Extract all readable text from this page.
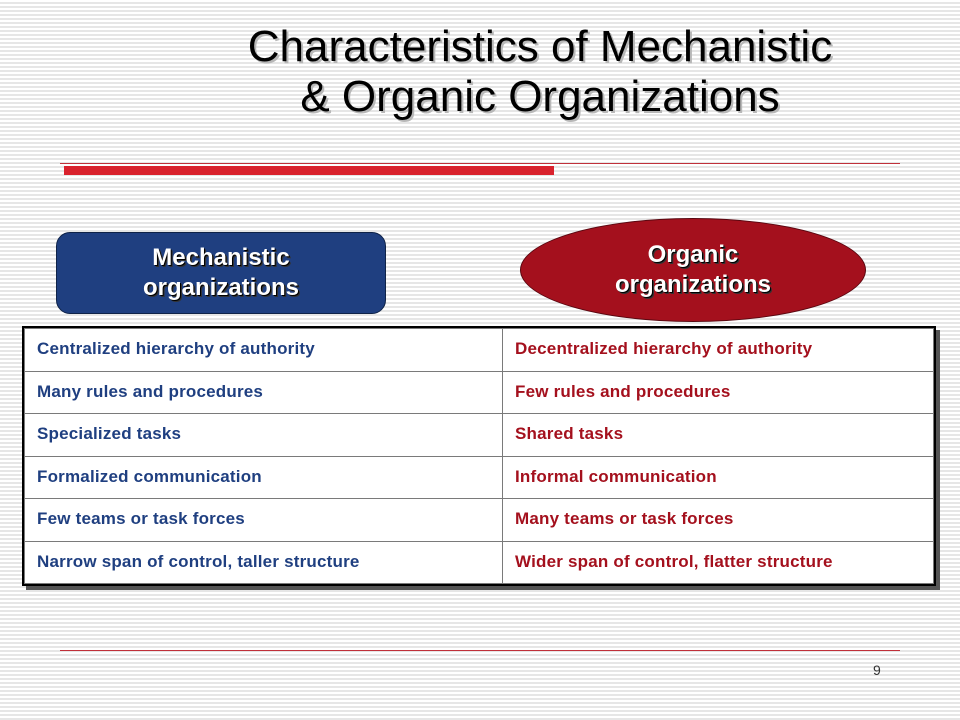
Characteristics of Mechanistic
& Organic Organizations
Mechanistic
organizations
Organic
organizations
Centralized hierarchy of authority	Decentralized hierarchy of authority
Many rules and procedures	Few rules and procedures
Specialized tasks	Shared tasks
Formalized communication	Informal communication
Few teams or task forces	Many teams or task forces
Narrow span of control, taller structure	Wider span of control, flatter structure
9
